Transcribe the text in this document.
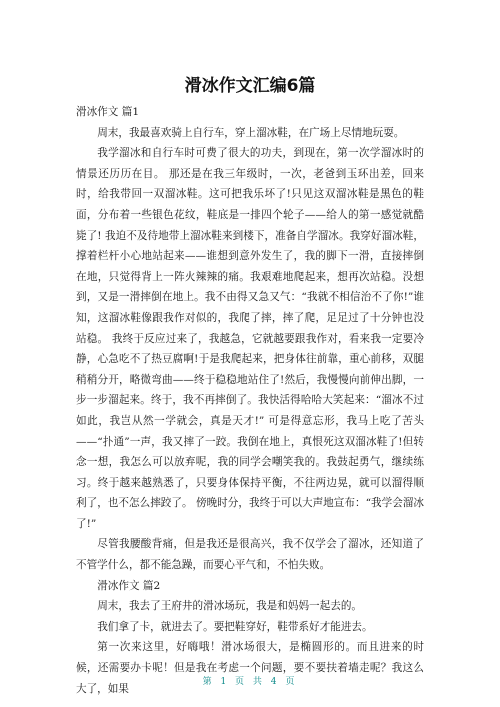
滑冰作文汇编6篇

滑冰作文 篇1

周末，我最喜欢骑上自行车，穿上溜冰鞋，在广场上尽情地玩耍。

我学溜冰和自行车时可费了很大的功夫，到现在，第一次学溜冰时的情景还历历在目。 那还是在我三年级时，一次，老爸到玉环出差，回来时，给我带回一双溜冰鞋。这可把我乐坏了!只见这双溜冰鞋是黑色的鞋面，分布着一些银色花纹，鞋底是一排四个轮子——给人的第一感觉就酷毙了! 我迫不及待地带上溜冰鞋来到楼下，准备自学溜冰。我穿好溜冰鞋，撑着栏杆小心地站起来——谁想到意外发生了，我的脚下一滑，直接摔倒在地，只觉得背上一阵火辣辣的痛。我艰难地爬起来，想再次站稳。没想到，又是一滑摔倒在地上。我不由得又急又气：“我就不相信治不了你!”谁知，这溜冰鞋像跟我作对似的，我爬了摔，摔了爬，足足过了十分钟也没站稳。 我终于反应过来了，我越急，它就越要跟我作对，看来我一定要冷静，心急吃不了热豆腐啊!于是我爬起来，把身体往前靠，重心前移，双腿稍稍分开，略微弯曲——终于稳稳地站住了!然后，我慢慢向前伸出脚，一步一步溜起来。终于，我不再摔倒了。我快活得哈哈大笑起来：“溜冰不过如此，我岂从然一学就会，真是天才!” 可是得意忘形，我马上吃了苦头——“扑通”一声，我又摔了一跤。我倒在地上，真恨死这双溜冰鞋了!但转念一想，我怎么可以放弃呢，我的同学会嘲笑我的。我鼓起勇气，继续练习。终于越来越熟悉了，只要身体保持平衡，不往两边晃，就可以溜得顺利了，也不怎么摔跤了。 傍晚时分，我终于可以大声地宣布：“我学会溜冰了!”

尽管我腰酸背痛，但是我还是很高兴，我不仅学会了溜冰，还知道了不管学什么，都不能急躁，而要心平气和，不怕失败。

滑冰作文 篇2

周末，我去了王府井的滑冰场玩，我是和妈妈一起去的。

我们拿了卡，就进去了。要把鞋穿好，鞋带系好才能进去。

第一次来这里，好嗨哦！滑冰场很大，是椭圆形的。而且进来的时候，还需要办卡呢！但是我在考虑一个问题，要不要扶着墙走呢？我这么大了，如果

第 1 页 共 4 页
